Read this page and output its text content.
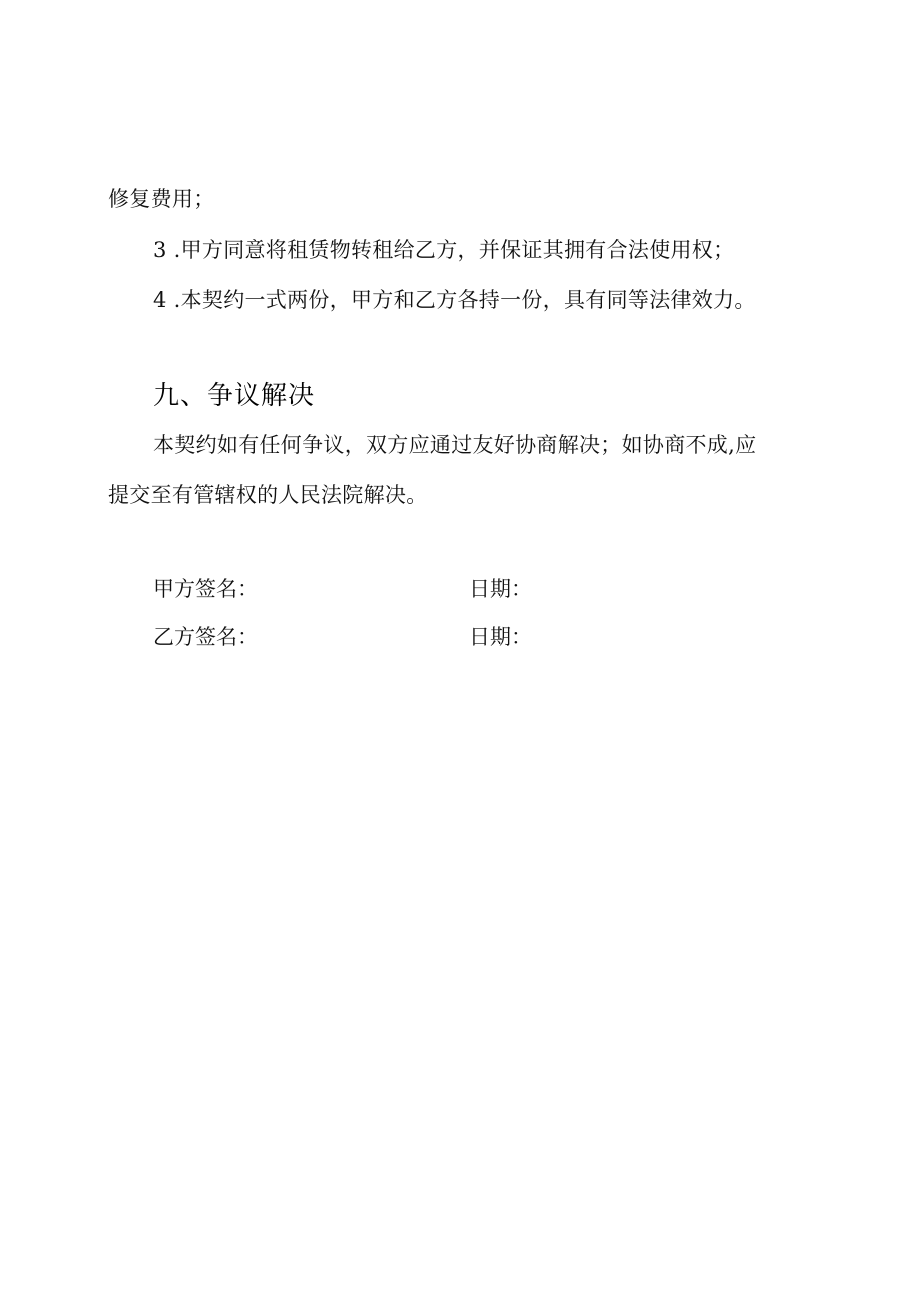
修复费用；
3 .甲方同意将租赁物转租给乙方，并保证其拥有合法使用权；
4 .本契约一式两份，甲方和乙方各持一份，具有同等法律效力。
九、争议解决
本契约如有任何争议，双方应通过友好协商解决；如协商不成,应
提交至有管辖权的人民法院解决。
甲方签名：	日期：
乙方签名：	日期：
